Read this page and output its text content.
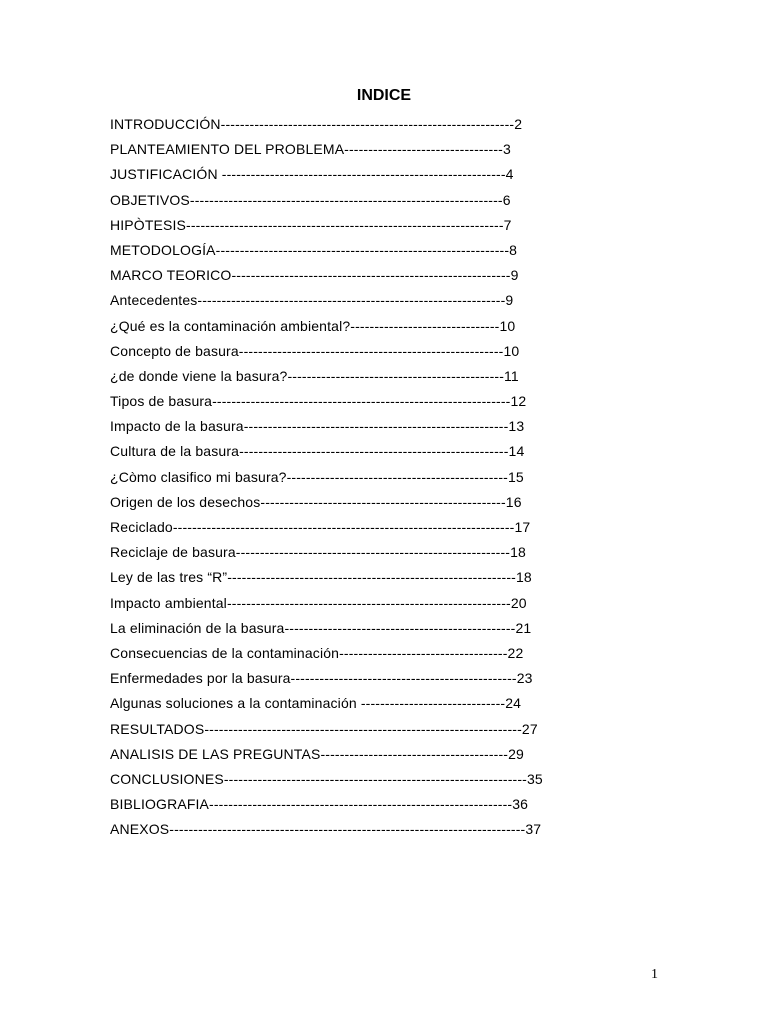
INDICE
INTRODUCCIÓN-------------------------------------------------------------2
PLANTEAMIENTO DEL PROBLEMA---------------------------------3
JUSTIFICACIÓN -----------------------------------------------------------4
OBJETIVOS-----------------------------------------------------------------6
HIPÒTESIS------------------------------------------------------------------7
METODOLOGÍA-------------------------------------------------------------8
MARCO TEORICO----------------------------------------------------------9
Antecedentes----------------------------------------------------------------9
¿Qué es la contaminación ambiental?-------------------------------10
Concepto de basura-------------------------------------------------------10
¿de donde viene la basura?---------------------------------------------11
Tipos de basura--------------------------------------------------------------12
Impacto de la basura-------------------------------------------------------13
Cultura de la basura--------------------------------------------------------14
¿Còmo clasifico mi basura?----------------------------------------------15
Origen de los desechos---------------------------------------------------16
Reciclado-----------------------------------------------------------------------17
Reciclaje de basura---------------------------------------------------------18
Ley de las tres “R”------------------------------------------------------------18
Impacto ambiental-----------------------------------------------------------20
La eliminación de la basura------------------------------------------------21
Consecuencias de la contaminación-----------------------------------22
Enfermedades por la basura-----------------------------------------------23
Algunas soluciones a la contaminación ------------------------------24
RESULTADOS------------------------------------------------------------------27
ANALISIS DE LAS PREGUNTAS---------------------------------------29
CONCLUSIONES---------------------------------------------------------------35
BIBLIOGRAFIA---------------------------------------------------------------36
ANEXOS--------------------------------------------------------------------------37
1
